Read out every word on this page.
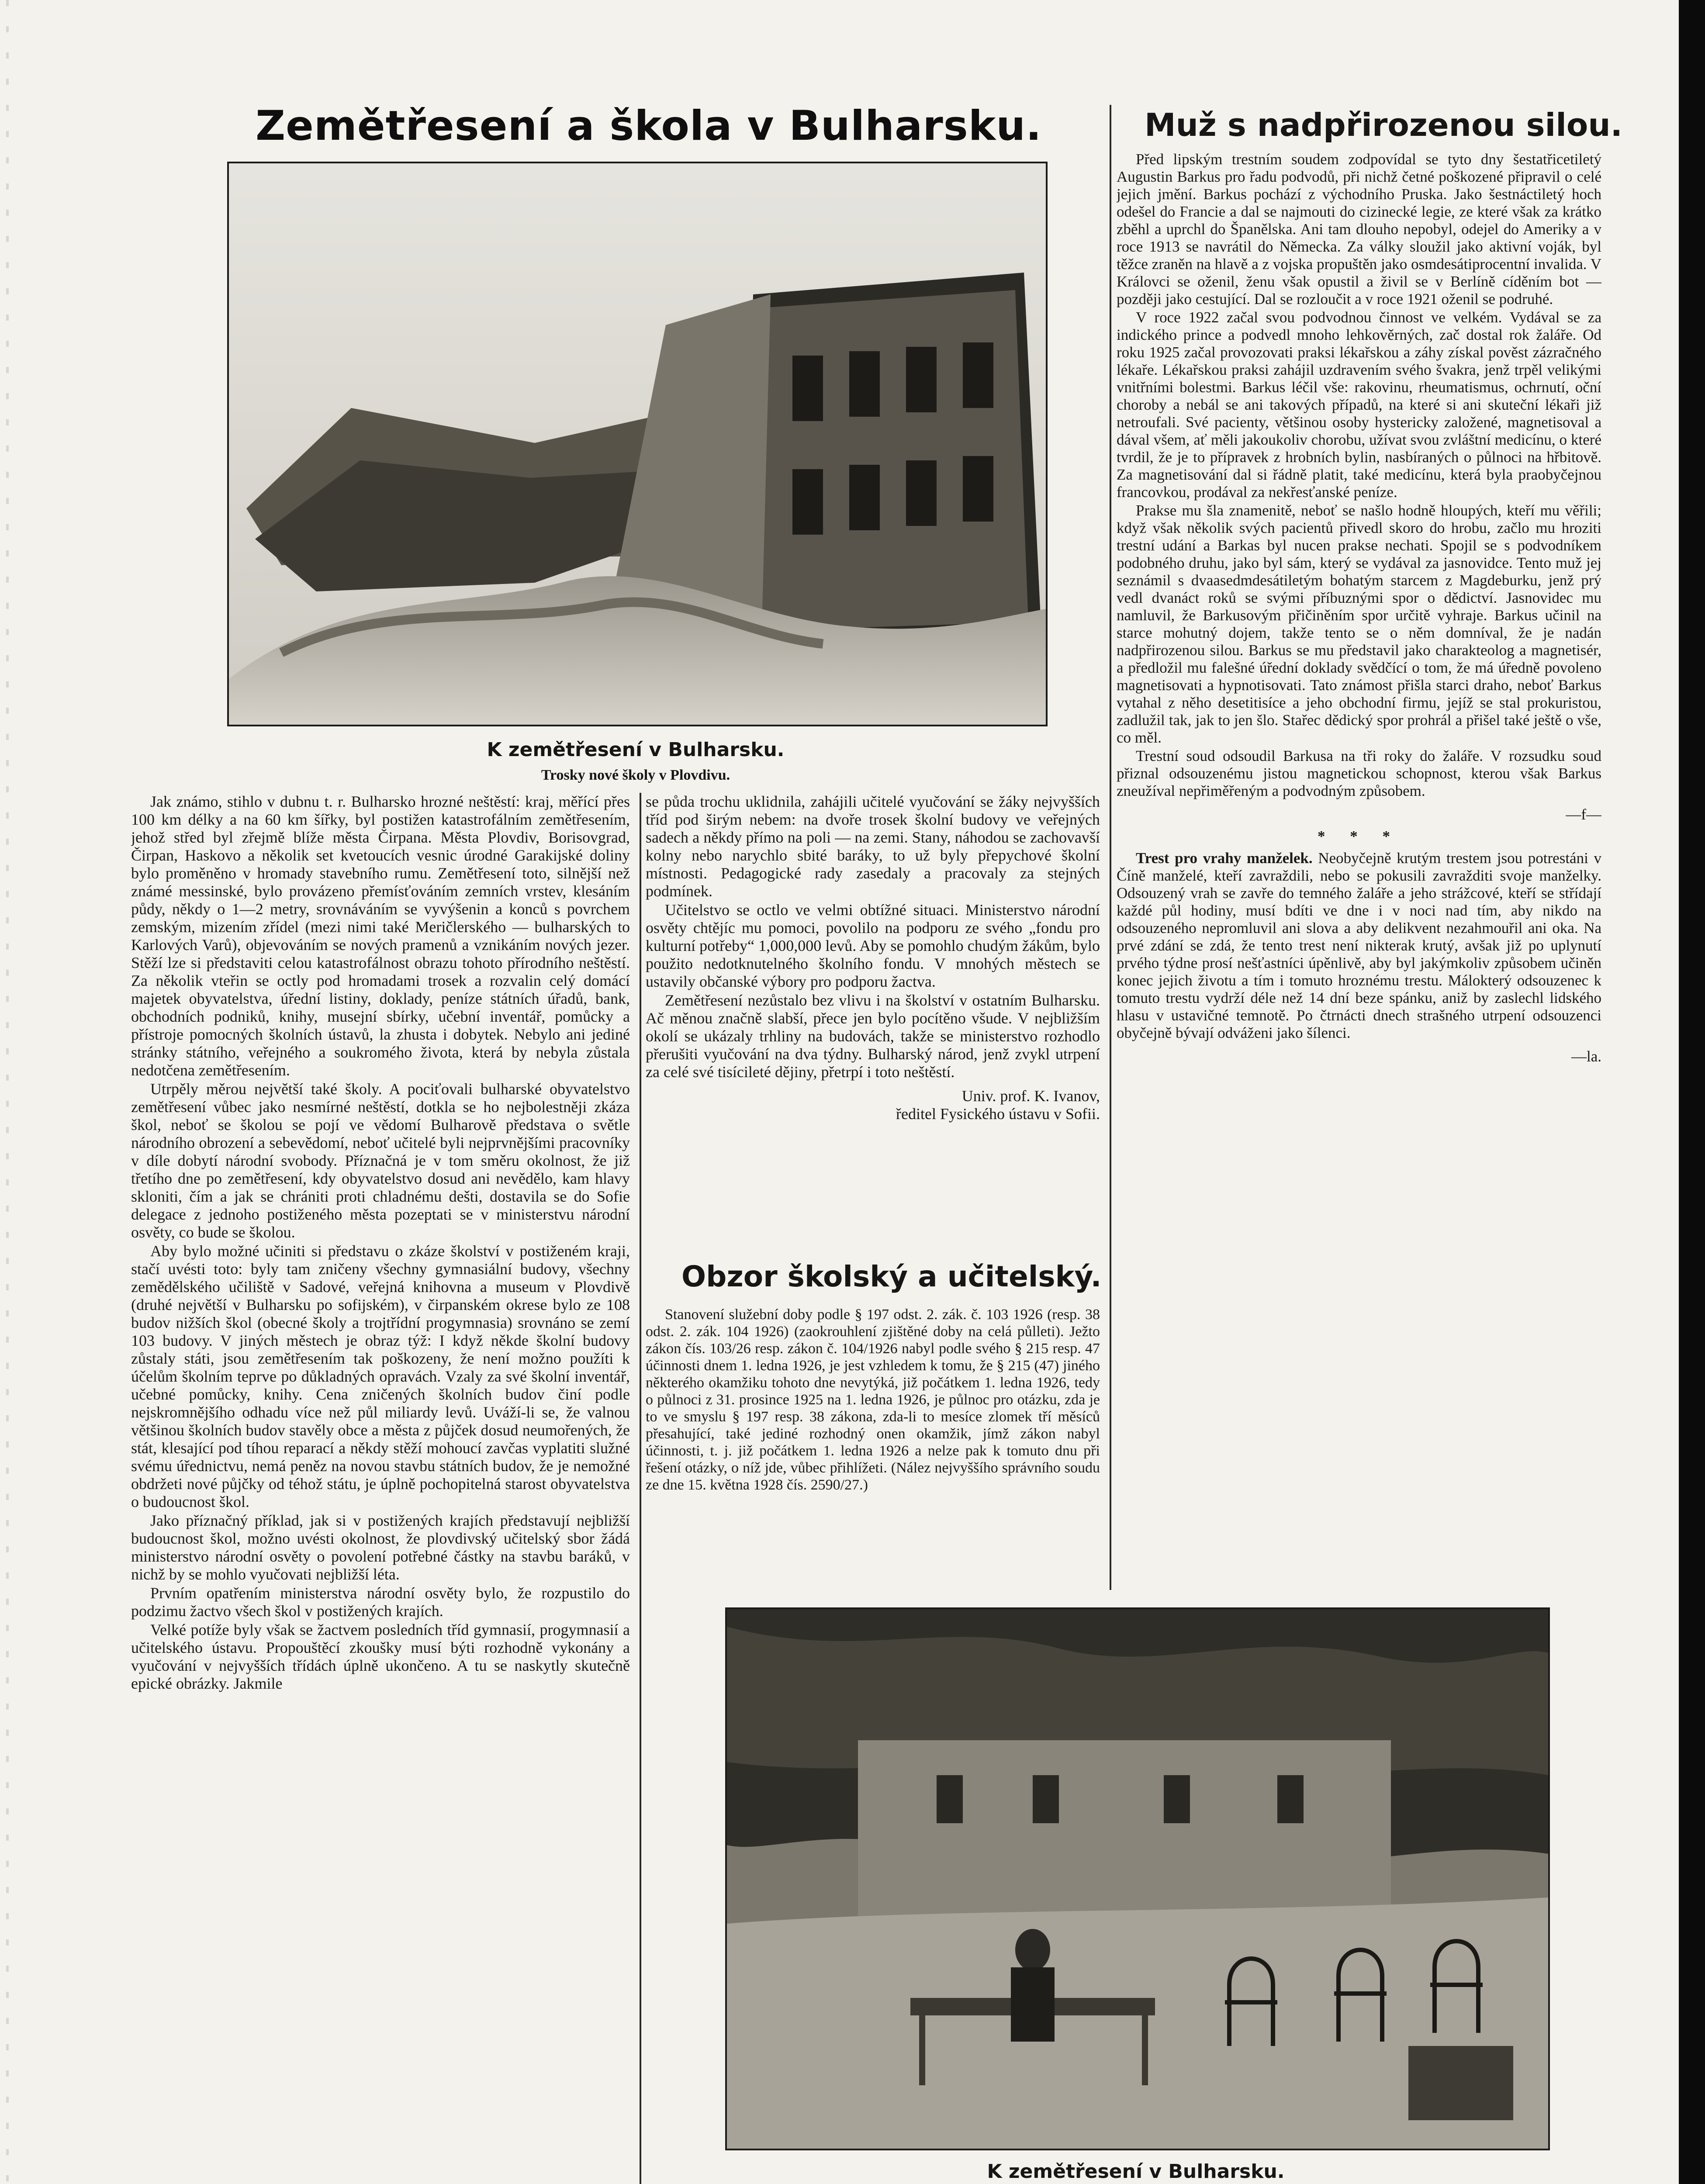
Zemětřesení a škola v Bulharsku.
K zemětřesení v Bulharsku.
Trosky nové školy v Plovdivu.

Jak známo, stihlo v dubnu t. r. Bulharsko hrozné neštěstí: kraj, měřící přes 100 km délky a na 60 km šířky, byl postižen katastrofálním zemětřesením, jehož střed byl zřejmě blíže města Čirpana. Města Plovdiv, Borisovgrad, Čirpan, Haskovo a několik set kvetoucích vesnic úrodné Garakijské doliny bylo proměněno v hromady stavebního rumu. Zemětřesení toto, silnější než známé messinské, bylo provázeno přemísťováním zemních vrstev, klesáním půdy, někdy o 1—2 metry, srovnáváním se vyvýšenin a konců s povrchem zemským, mizením zřídel (mezi nimi také Meričlerského — bulharských to Karlových Varů), objevováním se nových pramenů a vznikáním nových jezer. Stěží lze si představiti celou katastrofálnost obrazu tohoto přírodního neštěstí. Za několik vteřin se octly pod hromadami trosek a rozvalin celý domácí majetek obyvatelstva, úřední listiny, doklady, peníze státních úřadů, bank, obchodních podniků, knihy, musejní sbírky, učební inventář, pomůcky a přístroje pomocných školních ústavů, la zhusta i dobytek. Nebylo ani jediné stránky státního, veřejného a soukromého života, která by nebyla zůstala nedotčena zemětřesením.

Utrpěly měrou největší také školy. A pociťovali bulharské obyvatelstvo zemětřesení vůbec jako nesmírné neštěstí, dotkla se ho nejbolestněji zkáza škol, neboť se školou se pojí ve vědomí Bulharově představa o světle národního obrození a sebevědomí, neboť učitelé byli nejprvnějšími pracovníky v díle dobytí národní svobody. Příznačná je v tom směru okolnost, že již třetího dne po zemětřesení, kdy obyvatelstvo dosud ani nevědělo, kam hlavy skloniti, čím a jak se chrániti proti chladnému dešti, dostavila se do Sofie delegace z jednoho postiženého města pozeptati se v ministerstvu národní osvěty, co bude se školou.

Aby bylo možné učiniti si představu o zkáze školství v postiženém kraji, stačí uvésti toto: byly tam zničeny všechny gymnasiální budovy, všechny zemědělského učiliště v Sadové, veřejná knihovna a museum v Plovdivě (druhé největší v Bulharsku po sofijském), v čirpanském okrese bylo ze 108 budov nižších škol (obecné školy a trojtřídní progymnasia) srovnáno se zemí 103 budovy. V jiných městech je obraz týž: I když někde školní budovy zůstaly státi, jsou zemětřesením tak poškozeny, že není možno použíti k účelům školním teprve po důkladných opravách. Vzaly za své školní inventář, učebné pomůcky, knihy. Cena zničených školních budov činí podle nejskromnějšího odhadu více než půl miliardy levů. Uváží-li se, že valnou většinou školních budov stavěly obce a města z půjček dosud neumořených, že stát, klesající pod tíhou reparací a někdy stěží mohoucí zavčas vyplatiti služné svému úřednictvu, nemá peněz na novou stavbu státních budov, že je nemožné obdržeti nové půjčky od téhož státu, je úplně pochopitelná starost obyvatelstva o budoucnost škol.

Jako příznačný příklad, jak si v postižených krajích představují nejbližší budoucnost škol, možno uvésti okolnost, že plovdivský učitelský sbor žádá ministerstvo národní osvěty o povolení potřebné částky na stavbu baráků, v nichž by se mohlo vyučovati nejbližší léta.

Prvním opatřením ministerstva národní osvěty bylo, že rozpustilo do podzimu žactvo všech škol v postižených krajích.

Velké potíže byly však se žactvem posledních tříd gymnasií, progymnasií a učitelského ústavu. Propouštěcí zkoušky musí býti rozhodně vykonány a vyučování v nejvyšších třídách úplně ukončeno. A tu se naskytly skutečně epické obrázky. Jakmile

se půda trochu uklidnila, zahájili učitelé vyučování se žáky nejvyšších tříd pod širým nebem: na dvoře trosek školní budovy ve veřejných sadech a někdy přímo na poli — na zemi. Stany, náhodou se zachovavší kolny nebo narychlo sbité baráky, to už byly přepychové školní místnosti. Pedagogické rady zasedaly a pracovaly za stejných podmínek.

Učitelstvo se octlo ve velmi obtížné situaci. Ministerstvo národní osvěty chtějíc mu pomoci, povolilo na podporu ze svého „fondu pro kulturní potřeby“ 1,000,000 levů. Aby se pomohlo chudým žákům, bylo použito nedotknutelného školního fondu. V mnohých městech se ustavily občanské výbory pro podporu žactva.

Zemětřesení nezůstalo bez vlivu i na školství v ostatním Bulharsku. Ač měnou značně slabší, přece jen bylo pocítěno všude. V nejbližším okolí se ukázaly trhliny na budovách, takže se ministerstvo rozhodlo přerušiti vyučování na dva týdny. Bulharský národ, jenž zvykl utrpení za celé své tisícileté dějiny, přetrpí i toto neštěstí.

Univ. prof. K. Ivanov,
ředitel Fysického ústavu v Sofii.

Obzor školský a učitelský.

Stanovení služební doby podle § 197 odst. 2. zák. č. 103 1926 (resp. 38 odst. 2. zák. 104 1926) (zaokrouhlení zjištěné doby na celá půlleti). Ježto zákon čís. 103/26 resp. zákon č. 104/1926 nabyl podle svého § 215 resp. 47 účinnosti dnem 1. ledna 1926, je jest vzhledem k tomu, že § 215 (47) jiného některého okamžiku tohoto dne nevytýká, již počátkem 1. ledna 1926, tedy o půlnoci z 31. prosince 1925 na 1. ledna 1926, je půlnoc pro otázku, zda je to ve smyslu § 197 resp. 38 zákona, zda-li to mesíce zlomek tří měsíců přesahující, také jediné rozhodný onen okamžik, jímž zákon nabyl účinnosti, t. j. již počátkem 1. ledna 1926 a nelze pak k tomuto dnu při řešení otázky, o níž jde, vůbec přihlížeti. (Nález nejvyššího správního soudu ze dne 15. května 1928 čís. 2590/27.)

Muž s nadpřirozenou silou.

Před lipským trestním soudem zodpovídal se tyto dny šestatřicetiletý Augustin Barkus pro řadu podvodů, při nichž četné poškozené připravil o celé jejich jmění. Barkus pochází z východního Pruska. Jako šestnáctiletý hoch odešel do Francie a dal se najmouti do cizinecké legie, ze které však za krátko zběhl a uprchl do Španělska. Ani tam dlouho nepobyl, odejel do Ameriky a v roce 1913 se navrátil do Německa. Za války sloužil jako aktivní voják, byl těžce zraněn na hlavě a z vojska propuštěn jako osmdesátiprocentní invalida. V Královci se oženil, ženu však opustil a živil se v Berlíně cíděním bot — později jako cestující. Dal se rozloučit a v roce 1921 oženil se podruhé.

V roce 1922 začal svou podvodnou činnost ve velkém. Vydával se za indického prince a podvedl mnoho lehkověrných, zač dostal rok žaláře. Od roku 1925 začal provozovati praksi lékařskou a záhy získal pověst zázračného lékaře. Lékařskou praksi zahájil uzdravením svého švakra, jenž trpěl velikými vnitřními bolestmi. Barkus léčil vše: rakovinu, rheumatismus, ochrnutí, oční choroby a nebál se ani takových případů, na které si ani skuteční lékaři již netroufali. Své pacienty, většinou osoby hystericky založené, magnetisoval a dával všem, ať měli jakoukoliv chorobu, užívat svou zvláštní medicínu, o které tvrdil, že je to přípravek z hrobních bylin, nasbíraných o půlnoci na hřbitově. Za magnetisování dal si řádně platit, také medicínu, která byla praobyčejnou francovkou, prodával za nekřesťanské peníze.

Prakse mu šla znamenitě, neboť se našlo hodně hloupých, kteří mu věřili; když však několik svých pacientů přivedl skoro do hrobu, začlo mu hroziti trestní udání a Barkas byl nucen prakse nechati. Spojil se s podvodníkem podobného druhu, jako byl sám, který se vydával za jasnovidce. Tento muž jej seznámil s dvaasedmdesátiletým bohatým starcem z Magdeburku, jenž prý vedl dvanáct roků se svými příbuznými spor o dědictví. Jasnovidec mu namluvil, že Barkusovým přičiněním spor určitě vyhraje. Barkus učinil na starce mohutný dojem, takže tento se o něm domníval, že je nadán nadpřirozenou silou. Barkus se mu představil jako charakteolog a magnetisér, a předložil mu falešné úřední doklady svědčící o tom, že má úředně povoleno magnetisovati a hypnotisovati. Tato známost přišla starci draho, neboť Barkus vytahal z něho desetitisíce a jeho obchodní firmu, jejíž se stal prokuristou, zadlužil tak, jak to jen šlo. Stařec dědický spor prohrál a přišel také ještě o vše, co měl.

Trestní soud odsoudil Barkusa na tři roky do žaláře. V rozsudku soud přiznal odsouzenému jistou magnetickou schopnost, kterou však Barkus zneužíval nepřiměřeným a podvodným způsobem.

—f—

* * *

Trest pro vrahy manželek. Neobyčejně krutým trestem jsou potrestáni v Číně manželé, kteří zavraždili, nebo se pokusili zavražditi svoje manželky. Odsouzený vrah se zavře do temného žaláře a jeho strážcové, kteří se střídají každé půl hodiny, musí bdíti ve dne i v noci nad tím, aby nikdo na odsouzeného nepromluvil ani slova a aby delikvent nezahmouřil ani oka. Na prvé zdání se zdá, že tento trest není nikterak krutý, avšak již po uplynutí prvého týdne prosí nešťastníci úpěnlivě, aby byl jakýmkoliv způsobem učiněn konec jejich životu a tím i tomuto hroznému trestu. Málokterý odsouzenec k tomuto trestu vydrží déle než 14 dní beze spánku, aniž by zaslechl lidského hlasu v ustavičné temnotě. Po čtrnácti dnech strašného utrpení odsouzenci obyčejně bývají odváženi jako šílenci.

—la.

K zemětřesení v Bulharsku.
